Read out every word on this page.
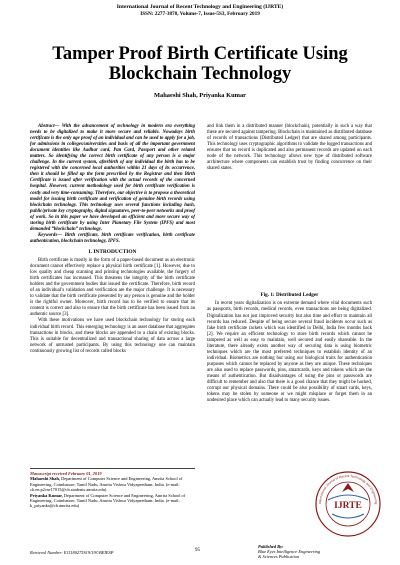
International Journal of Recent Technology and Engineering (IJRTE)
ISSN: 2277-3878, Volume-7, Issue-5S3, February 2019
Tamper Proof Birth Certificate Using Blockchain Technology
Mahaeshi Shah, Priyanka Kumar

Abstract— With the advancement of technology in modern era everything needs to be digitalized to make it more secure and reliable. Nowadays birth certificate is the only age proof of an individual and can be used to apply for a job, for admissions in colleges/universities and basis of all the important government document identities like Aadhar card, Pan Card, Passport and other related matters. So identifying the correct birth certificate of any person is a major challenge. In the current system, afterbirth of any individual the birth has to be registered with the concerned local authorities within 21 days of its occurrence, then it should be filled up the form prescribed by the Registrar and then Birth Certificate is issued after verification with the actual records of the concerned hospital. However, current methodology used for birth certificate verification is costly and very time-consuming. Therefore, our objective is to propose a theoretical model for issuing birth certificate and verification of genuine birth records using blockchain technology. This technology uses several functions including hash, public/private key cryptography, digital signatures, peer-to-peer networks and proof of work. So in this paper we have developed an efficient and more secure way of storing birth certificate by using Inter Planetary File System (IPFS) and most demanded “blockchain” technology.

Keywords— Birth certificate, birth certificate verification, birth certificate authentication, blockchain technology, IPFS.

I. INTRODUCTION

Birth certificate is mostly in the form of a paper-based document as an electronic document cannot effectively replace a physical birth certificate [1]. However, due to low quality and cheap scanning and printing technologies available, the forgery of birth certificates has increased. This threatens the integrity of the birth certificate holders and the government bodies that issued the certificate. Therefore, birth record of an individual’s validation and verification are the major challenge. It is necessary to validate that the birth certificate presented by any person is genuine and the holder is the rightful owner. Moreover, birth record has to be verified to ensure that its content is correct and also to ensure that the birth certificate has been issued from an authentic source [3].

With these motivations we have used blockchain technology for storing each individual birth record. This emerging technology is an asset database that aggregates transactions in blocks, and these blocks are appended to a chain of existing blocks. This is suitable for decentralized and transactional sharing of data across a large network of untrusted participants. By using this technology one can maintain continuously growing list of records called blocks

and link them in a distributed manner (blockchain), potentially in such a way that these are secured against tampering. Blockchain is maintained as distributed database of records of transactions (Distributed Ledger) that are shared among participants. This technology uses cryptographic algorithms to validate the logged transactions and ensures that no record is duplicated and also permanent records are updated on each node of the network. This technology allows new type of distributed software architecture where components can establish trust by finding concurrence on their shared states.

Fig. 1: Distributed Ledger

In recent years digitalization is on extreme demand where vital documents such as passports, birth records, medical records, even transactions are being digitalized. Digitalization has not just improved security but also time and effort to maintain all records has reduced. Despite of being secure several fraud incidents occur such as fake birth certificate rackets which was identified in Delhi, India few months back [2]. We require an efficient technology to store birth records which cannot be tampered as well as easy to maintain, well secured and easily shareable. In the literature, there already exists another way of securing data is using biometric techniques which are the most preferred techniques to establish identity of an individual. Biometrics are nothing but using our biological traits for authentication purposes which cannot be replaced by anyone as they are unique. These techniques are also used to replace passwords, pins, smartcards, keys and tokens which are the means of authentication. But disadvantages of using the pins or passwords are difficult to remember and also that there is a good chance that they might be hacked, corrupt our physical domains. There could be also possibility of smart cards, keys, tokens may be stolen by someone or we might misplace or forget them in an undesired place which can actually lead to many security issues.

Manuscript received February 01, 2019
Mahaeshi Shah, Department of Computer Science and Engineering, Amrita School of Engineering, Coimbatore; Tamil Nadu, Amrita Vishwa Vidyapeetham; India. (e-mail: cb.en.p2cse17015@cb.students.amrita.edu)
Priyanka Kumar, Department of Computer Science and Engineering, Amrita School of Engineering, Coimbatore; Tamil Nadu, Amrita Vishwa Vidyapeetham; India. (e-mail: k_priyanka@cb.amrita.edu)	IJRTE
International Journal of Recent Technology and Engineering
Retrieval Number: E11180275S19/19©BEIESP	95
Published By:
Blue Eyes Intelligence Engineering
& Sciences Publication
